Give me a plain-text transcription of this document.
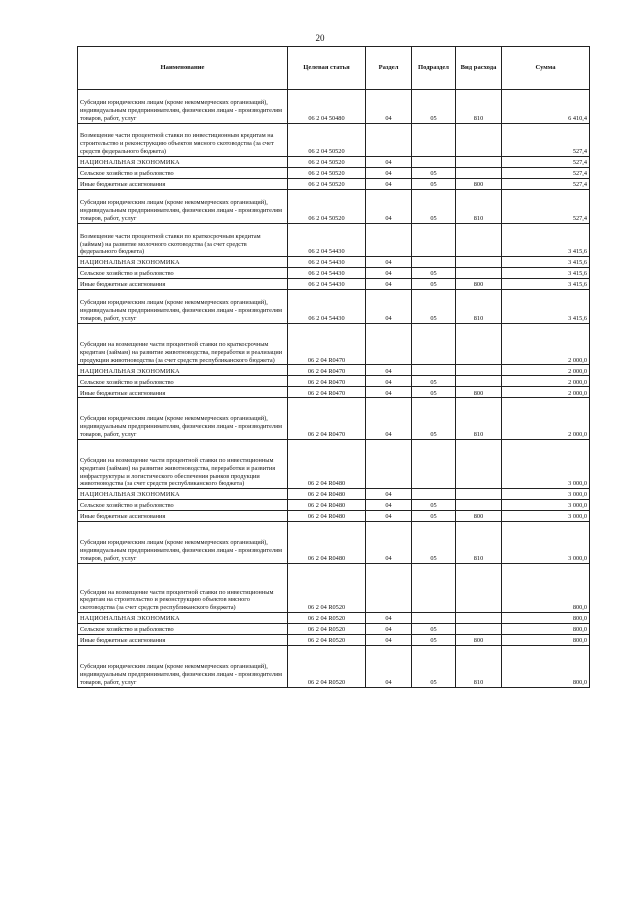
20
Наименование	Целевая статья	Раздел	Подраздел	Вид расхода	Сумма
Субсидии юридическим лицам (кроме некоммерческих организаций), индивидуальным предпринимателям, физическим лицам - производителям товаров, работ, услуг	06 2 04 50480	04	05	810	6 410,4
Возмещение части процентной ставки по инвестиционным кредитам на строительство и реконструкцию объектов мясного скотоводства (за счет средств федерального бюджета)	06 2 04 50520				527,4
НАЦИОНАЛЬНАЯ ЭКОНОМИКА	06 2 04 50520	04			527,4
Сельское хозяйство и рыболовство	06 2 04 50520	04	05		527,4
Иные бюджетные ассигнования	06 2 04 50520	04	05	800	527,4
Субсидии юридическим лицам (кроме некоммерческих организаций), индивидуальным предпринимателям, физическим лицам - производителям товаров, работ, услуг	06 2 04 50520	04	05	810	527,4
Возмещение части процентной ставки по краткосрочным кредитам (займам) на развитие молочного скотоводства (за счет средств федерального бюджета)	06 2 04 54430				3 415,6
НАЦИОНАЛЬНАЯ ЭКОНОМИКА	06 2 04 54430	04			3 415,6
Сельское хозяйство и рыболовство	06 2 04 54430	04	05		3 415,6
Иные бюджетные ассигнования	06 2 04 54430	04	05	800	3 415,6
Субсидии юридическим лицам (кроме некоммерческих организаций), индивидуальным предпринимателям, физическим лицам - производителям товаров, работ, услуг	06 2 04 54430	04	05	810	3 415,6
Субсидии на возмещение части процентной ставки по краткосрочным кредитам (займам) на развитие животноводства, переработки и реализации продукции животноводства (за счет средств республиканского бюджета)	06 2 04 R0470				2 000,0
НАЦИОНАЛЬНАЯ ЭКОНОМИКА	06 2 04 R0470	04			2 000,0
Сельское хозяйство и рыболовство	06 2 04 R0470	04	05		2 000,0
Иные бюджетные ассигнования	06 2 04 R0470	04	05	800	2 000,0
Субсидии юридическим лицам (кроме некоммерческих организаций), индивидуальным предпринимателям, физическим лицам - производителям товаров, работ, услуг	06 2 04 R0470	04	05	810	2 000,0
Субсидии на возмещение части процентной ставки по инвестиционным кредитам (займам) на развитие животноводства, переработки и развития инфраструктуры и логистического обеспечения рынков продукции животноводства (за счет средств республиканского бюджета)	06 2 04 R0480				3 000,0
НАЦИОНАЛЬНАЯ ЭКОНОМИКА	06 2 04 R0480	04			3 000,0
Сельское хозяйство и рыболовство	06 2 04 R0480	04	05		3 000,0
Иные бюджетные ассигнования	06 2 04 R0480	04	05	800	3 000,0
Субсидии юридическим лицам (кроме некоммерческих организаций), индивидуальным предпринимателям, физическим лицам - производителям товаров, работ, услуг	06 2 04 R0480	04	05	810	3 000,0
Субсидии на возмещение части процентной ставки по инвестиционным кредитам на строительство и реконструкцию объектов мясного скотоводства (за счет средств республиканского бюджета)	06 2 04 R0520				800,0
НАЦИОНАЛЬНАЯ ЭКОНОМИКА	06 2 04 R0520	04			800,0
Сельское хозяйство и рыболовство	06 2 04 R0520	04	05		800,0
Иные бюджетные ассигнования	06 2 04 R0520	04	05	800	800,0
Субсидии юридическим лицам (кроме некоммерческих организаций), индивидуальным предпринимателям, физическим лицам - производителям товаров, работ, услуг	06 2 04 R0520	04	05	810	800,0
